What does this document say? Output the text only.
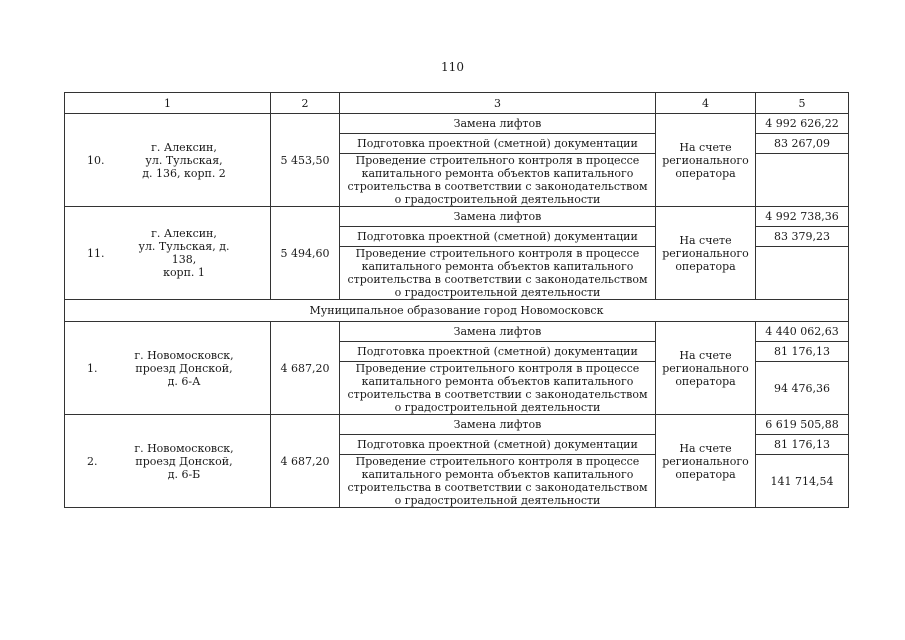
110
1	2	3	4	5

10.
г. Алексин,
ул. Тульская,
д. 136, корп. 2	5 453,50	Замена лифтов	На счете
регионального
оператора	4 992 626,22
		Подготовка проектной (сметной) документации		83 267,09
		Проведение строительного контроля в процессе капитального ремонта объектов капитального строительства в соответствии с законодательством о градостроительной деятельности		

11.
г. Алексин,
ул. Тульская, д. 138,
корп. 1	5 494,60	Замена лифтов	На счете
регионального
оператора	4 992 738,36
		Подготовка проектной (сметной) документации		83 379,23
		Проведение строительного контроля в процессе капитального ремонта объектов капитального строительства в соответствии с законодательством о градостроительной деятельности		
Муниципальное образование город Новомосковск				

1.
г. Новомосковск,
проезд Донской,
д. 6-А	4 687,20	Замена лифтов	На счете
регионального
оператора	4 440 062,63
		Подготовка проектной (сметной) документации		81 176,13
		Проведение строительного контроля в процессе капитального ремонта объектов капитального строительства в соответствии с законодательством о градостроительной деятельности		94 476,36

2.
г. Новомосковск,
проезд Донской,
д. 6-Б	4 687,20	Замена лифтов	На счете
регионального
оператора	6 619 505,88
		Подготовка проектной (сметной) документации		81 176,13
		Проведение строительного контроля в процессе капитального ремонта объектов капитального строительства в соответствии с законодательством о градостроительной деятельности		141 714,54
